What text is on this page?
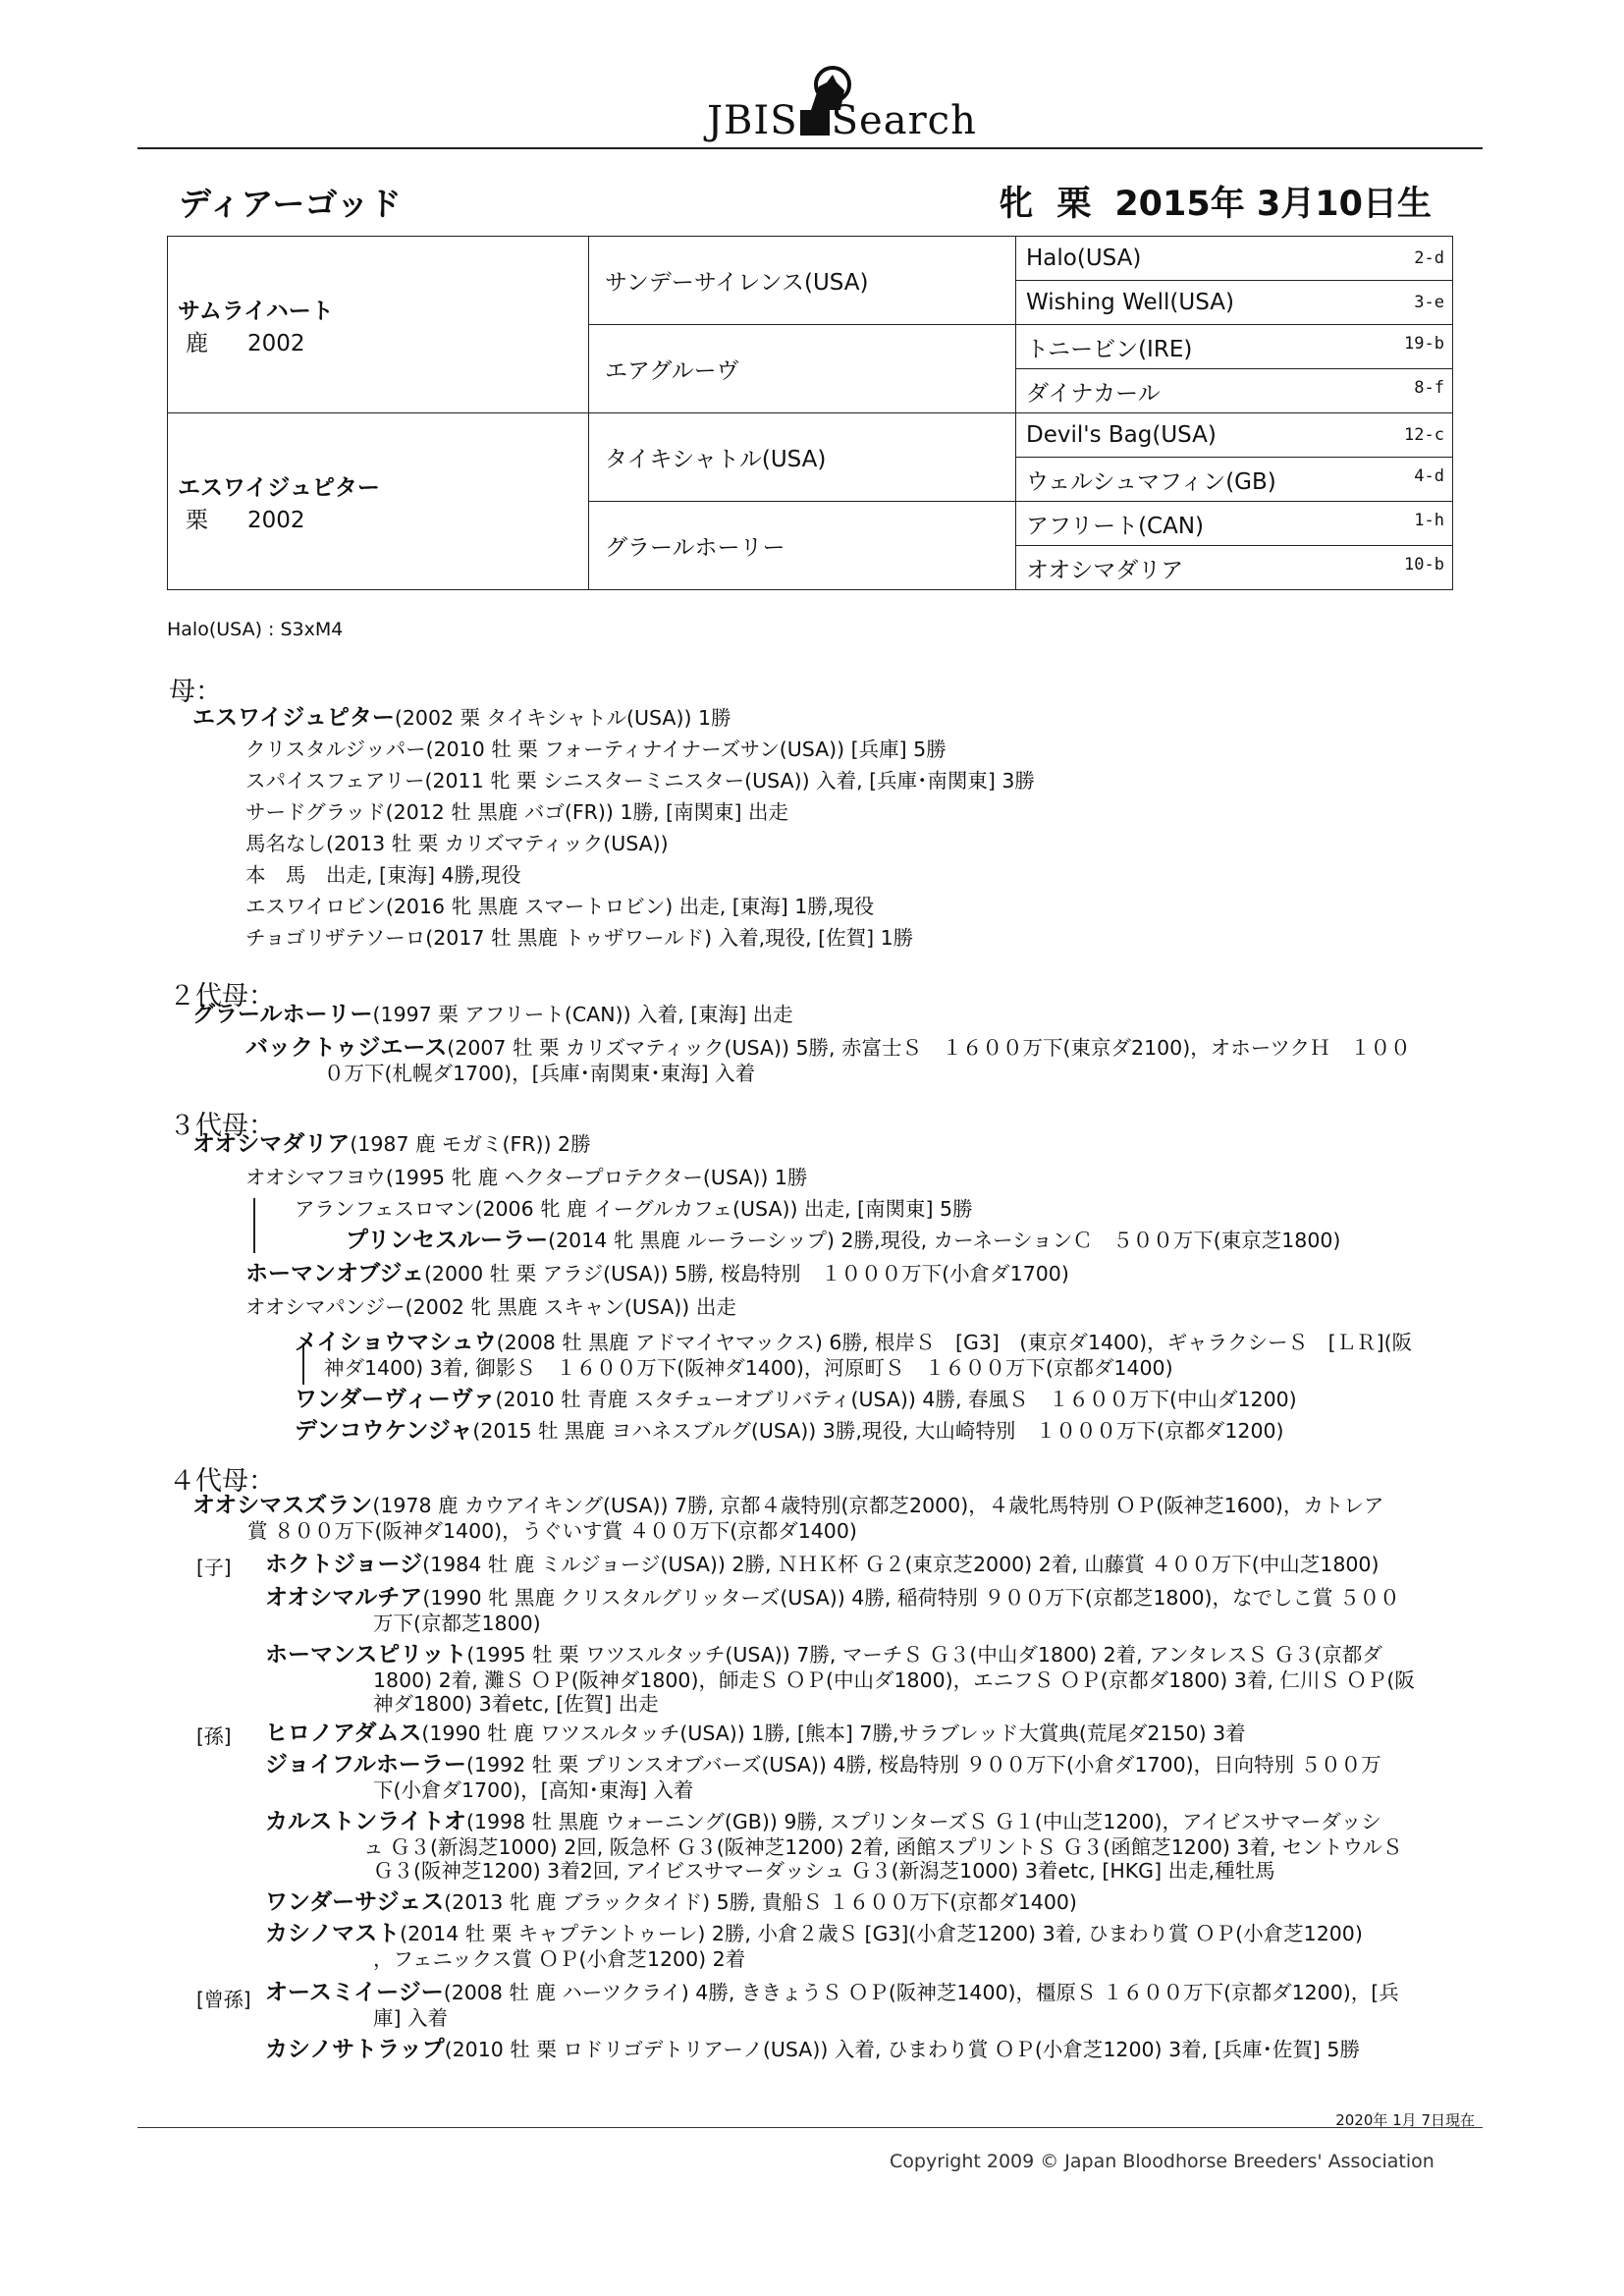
JBIS Search
ディアーゴッド	牝 栗 2015年 3月10日生
サムライハート
鹿 2002	サンデーサイレンス(USA)	Halo(USA) 2-d

		Wishing Well(USA) 3-e

	エアグルーヴ	トニービン(IRE) 19-b

		ダイナカール 8-f

エスワイジュピター
栗 2002	タイキシャトル(USA)	Devil's Bag(USA) 12-c

		ウェルシュマフィン(GB) 4-d

	グラールホーリー	アフリート(CAN) 1-h

		オオシマダリア 10-b
Halo(USA) : S3xM4
母：
２代母：
３代母：
４代母：
[子]
[孫]
[曾孫]
エスワイジュピター(2002 栗 タイキシャトル(USA)) 1勝
クリスタルジッパー(2010 牡 栗 フォーティナイナーズサン(USA)) [兵庫] 5勝
スパイスフェアリー(2011 牝 栗 シニスターミニスター(USA)) 入着, [兵庫･南関東] 3勝
サードグラッド(2012 牡 黒鹿 バゴ(FR)) 1勝, [南関東] 出走
馬名なし(2013 牡 栗 カリズマティック(USA))
本　馬　出走, [東海] 4勝,現役
エスワイロビン(2016 牝 黒鹿 スマートロビン) 出走, [東海] 1勝,現役
チョゴリザテソーロ(2017 牡 黒鹿 トゥザワールド) 入着,現役, [佐賀] 1勝
グラールホーリー(1997 栗 アフリート(CAN)) 入着, [東海] 出走
バックトゥジエース(2007 牡 栗 カリズマティック(USA)) 5勝, 赤富士Ｓ　１６００万下(東京ダ2100)，オホーツクＨ　１００
０万下(札幌ダ1700)，[兵庫･南関東･東海] 入着
オオシマダリア(1987 鹿 モガミ(FR)) 2勝
オオシマフヨウ(1995 牝 鹿 ヘクタープロテクター(USA)) 1勝
アランフェスロマン(2006 牝 鹿 イーグルカフェ(USA)) 出走, [南関東] 5勝
プリンセスルーラー(2014 牝 黒鹿 ルーラーシップ) 2勝,現役, カーネーションＣ　５００万下(東京芝1800)
ホーマンオブジェ(2000 牡 栗 アラジ(USA)) 5勝, 桜島特別　１０００万下(小倉ダ1700)
オオシマパンジー(2002 牝 黒鹿 スキャン(USA)) 出走
メイショウマシュウ(2008 牡 黒鹿 アドマイヤマックス) 6勝, 根岸Ｓ　[G3]　(東京ダ1400)，ギャラクシーＳ　[ＬＲ](阪
神ダ1400) 3着, 御影Ｓ　１６００万下(阪神ダ1400)，河原町Ｓ　１６００万下(京都ダ1400)
ワンダーヴィーヴァ(2010 牡 青鹿 スタチューオブリバティ(USA)) 4勝, 春風Ｓ　１６００万下(中山ダ1200)
デンコウケンジャ(2015 牡 黒鹿 ヨハネスブルグ(USA)) 3勝,現役, 大山崎特別　１０００万下(京都ダ1200)
オオシマスズラン(1978 鹿 カウアイキング(USA)) 7勝, 京都４歳特別(京都芝2000)，４歳牝馬特別 ＯＰ(阪神芝1600)，カトレア
賞 ８００万下(阪神ダ1400)，うぐいす賞 ４００万下(京都ダ1400)
ホクトジョージ(1984 牡 鹿 ミルジョージ(USA)) 2勝, ＮＨＫ杯 Ｇ２(東京芝2000) 2着, 山藤賞 ４００万下(中山芝1800)
オオシマルチア(1990 牝 黒鹿 クリスタルグリッターズ(USA)) 4勝, 稲荷特別 ９００万下(京都芝1800)，なでしこ賞 ５００
万下(京都芝1800)
ホーマンスピリット(1995 牡 栗 ワツスルタッチ(USA)) 7勝, マーチＳ Ｇ３(中山ダ1800) 2着, アンタレスＳ Ｇ３(京都ダ
1800) 2着, 灘Ｓ ＯＰ(阪神ダ1800)，師走Ｓ ＯＰ(中山ダ1800)，エニフＳ ＯＰ(京都ダ1800) 3着, 仁川Ｓ ＯＰ(阪
神ダ1800) 3着etc, [佐賀] 出走
ヒロノアダムス(1990 牡 鹿 ワツスルタッチ(USA)) 1勝, [熊本] 7勝,サラブレッド大賞典(荒尾ダ2150) 3着
ジョイフルホーラー(1992 牡 栗 プリンスオブバーズ(USA)) 4勝, 桜島特別 ９００万下(小倉ダ1700)，日向特別 ５００万
下(小倉ダ1700)，[高知･東海] 入着
カルストンライトオ(1998 牡 黒鹿 ウォーニング(GB)) 9勝, スプリンターズＳ Ｇ１(中山芝1200)，アイビスサマーダッシ
ュ Ｇ３(新潟芝1000) 2回, 阪急杯 Ｇ３(阪神芝1200) 2着, 函館スプリントＳ Ｇ３(函館芝1200) 3着, セントウルＳ
Ｇ３(阪神芝1200) 3着2回, アイビスサマーダッシュ Ｇ３(新潟芝1000) 3着etc, [HKG] 出走,種牡馬
ワンダーサジェス(2013 牝 鹿 ブラックタイド) 5勝, 貴船Ｓ １６００万下(京都ダ1400)
カシノマスト(2014 牡 栗 キャプテントゥーレ) 2勝, 小倉２歳Ｓ [G3](小倉芝1200) 3着, ひまわり賞 ＯＰ(小倉芝1200)
，フェニックス賞 ＯＰ(小倉芝1200) 2着
オースミイージー(2008 牡 鹿 ハーツクライ) 4勝, ききょうＳ ＯＰ(阪神芝1400)，橿原Ｓ １６００万下(京都ダ1200)，[兵
庫] 入着
カシノサトラップ(2010 牡 栗 ロドリゴデトリアーノ(USA)) 入着, ひまわり賞 ＯＰ(小倉芝1200) 3着, [兵庫･佐賀] 5勝
2020年 1月 7日現在
Copyright 2009 © Japan Bloodhorse Breeders' Association
